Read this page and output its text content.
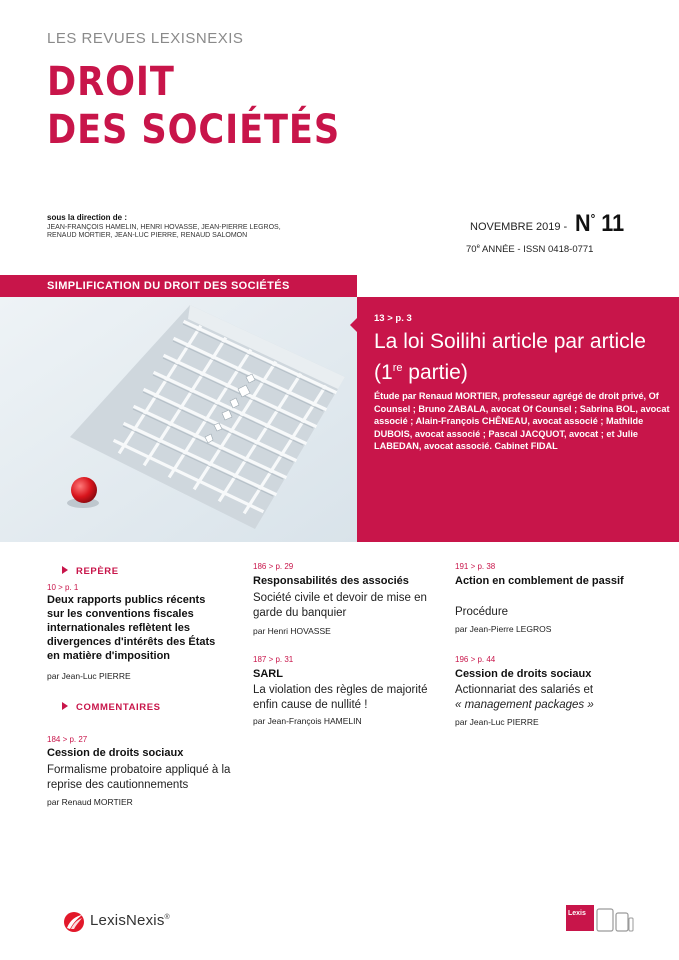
LES REVUES LEXISNEXIS
DROIT
DES SOCIÉTÉS
sous la direction de :
JEAN-FRANÇOIS HAMELIN, HENRI HOVASSE, JEAN-PIERRE LEGROS, RENAUD MORTIER, JEAN-LUC PIERRE, RENAUD SALOMON
NOVEMBRE 2019 - N° 11
70e ANNÉE - ISSN 0418-0771
SIMPLIFICATION DU DROIT DES SOCIÉTÉS
13 > p. 3
La loi Soilihi article par article (1re partie)
Étude par Renaud MORTIER, professeur agrégé de droit privé, Of Counsel ; Bruno ZABALA, avocat Of Counsel ; Sabrina BOL, avocat associé ; Alain-François CHÊNEAU, avocat associé ; Mathilde DUBOIS, avocat associé ; Pascal JACQUOT, avocat ; et Julie LABEDAN, avocat associé. Cabinet FIDAL
REPÈRE
10 > p. 1
Deux rapports publics récents sur les conventions fiscales internationales reflètent les divergences d'intérêts des États en matière d'imposition
par Jean-Luc PIERRE
COMMENTAIRES
184 > p. 27
Cession de droits sociaux
Formalisme probatoire appliqué à la reprise des cautionnements
par Renaud MORTIER
186 > p. 29
Responsabilités des associés
Société civile et devoir de mise en garde du banquier
par Henri HOVASSE
187 > p. 31
SARL
La violation des règles de majorité enfin cause de nullité !
par Jean-François HAMELIN
191 > p. 38
Action en comblement de passif
Procédure
par Jean-Pierre LEGROS
196 > p. 44
Cession de droits sociaux
Actionnariat des salariés et
« management packages »
par Jean-Luc PIERRE
LexisNexis®
Lexis
